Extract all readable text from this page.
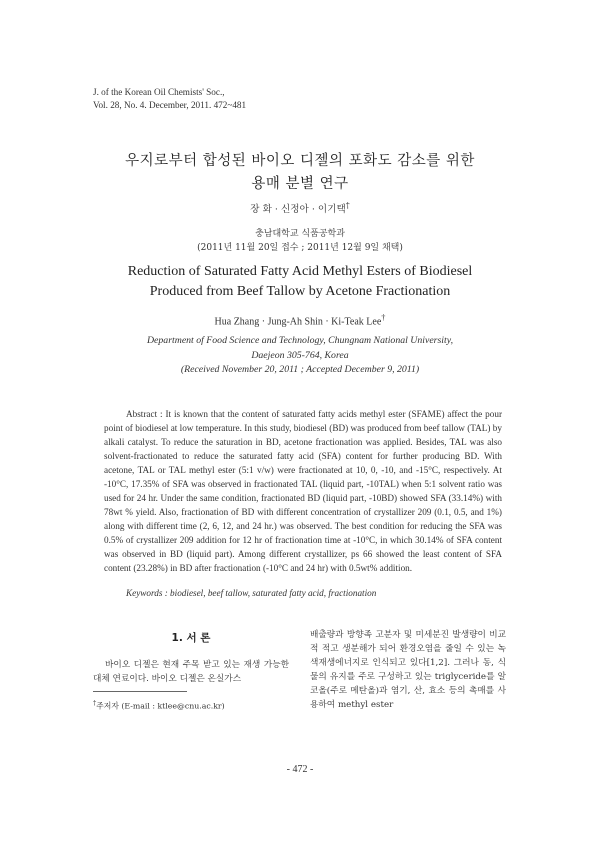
J. of the Korean Oil Chemists' Soc.,
Vol. 28, No. 4. December, 2011. 472~481
우지로부터 합성된 바이오 디젤의 포화도 감소를 위한
용매 분별 연구
장 화 · 신정아 · 이기택†
충남대학교 식품공학과
(2011년 11월 20일 접수 ; 2011년 12월 9일 채택)
Reduction of Saturated Fatty Acid Methyl Esters of Biodiesel
Produced from Beef Tallow by Acetone Fractionation
Hua Zhang · Jung-Ah Shin · Ki-Teak Lee†
Department of Food Science and Technology, Chungnam National University,
Daejeon 305-764, Korea
(Received November 20, 2011 ; Accepted December 9, 2011)
Abstract : It is known that the content of saturated fatty acids methyl ester (SFAME) affect the pour point of biodiesel at low temperature. In this study, biodiesel (BD) was produced from beef tallow (TAL) by alkali catalyst. To reduce the saturation in BD, acetone fractionation was applied. Besides, TAL was also solvent-fractionated to reduce the saturated fatty acid (SFA) content for further producing BD. With acetone, TAL or TAL methyl ester (5:1 v/w) were fractionated at 10, 0, -10, and -15°C, respectively. At -10°C, 17.35% of SFA was observed in fractionated TAL (liquid part, -10TAL) when 5:1 solvent ratio was used for 24 hr. Under the same condition, fractionated BD (liquid part, -10BD) showed SFA (33.14%) with 78wt % yield. Also, fractionation of BD with different concentration of crystallizer 209 (0.1, 0.5, and 1%) along with different time (2, 6, 12, and 24 hr.) was observed. The best condition for reducing the SFA was 0.5% of crystallizer 209 addition for 12 hr of fractionation time at -10°C, in which 30.14% of SFA content was observed in BD (liquid part). Among different crystallizer, ps 66 showed the least content of SFA content (23.28%) in BD after fractionation (-10°C and 24 hr) with 0.5wt% addition.
Keywords : biodiesel, beef tallow, saturated fatty acid, fractionation
1. 서 론
바이오 디젤은 현재 주목 받고 있는 재생 가능한 대체 연료이다. 바이오 디젤은 온실가스
배출량과 방향족 고분자 및 미세분진 발생량이 비교적 적고 생분해가 되어 환경오염을 줄일 수 있는 녹색재생에너지로 인식되고 있다[1,2]. 그러나 동, 식물의 유지를 주로 구성하고 있는 triglyceride를 알코올(주로 메탄올)과 염기, 산, 효소 등의 촉매를 사용하여 methyl ester
†주저자 (E-mail : ktlee@cnu.ac.kr)
- 472 -
